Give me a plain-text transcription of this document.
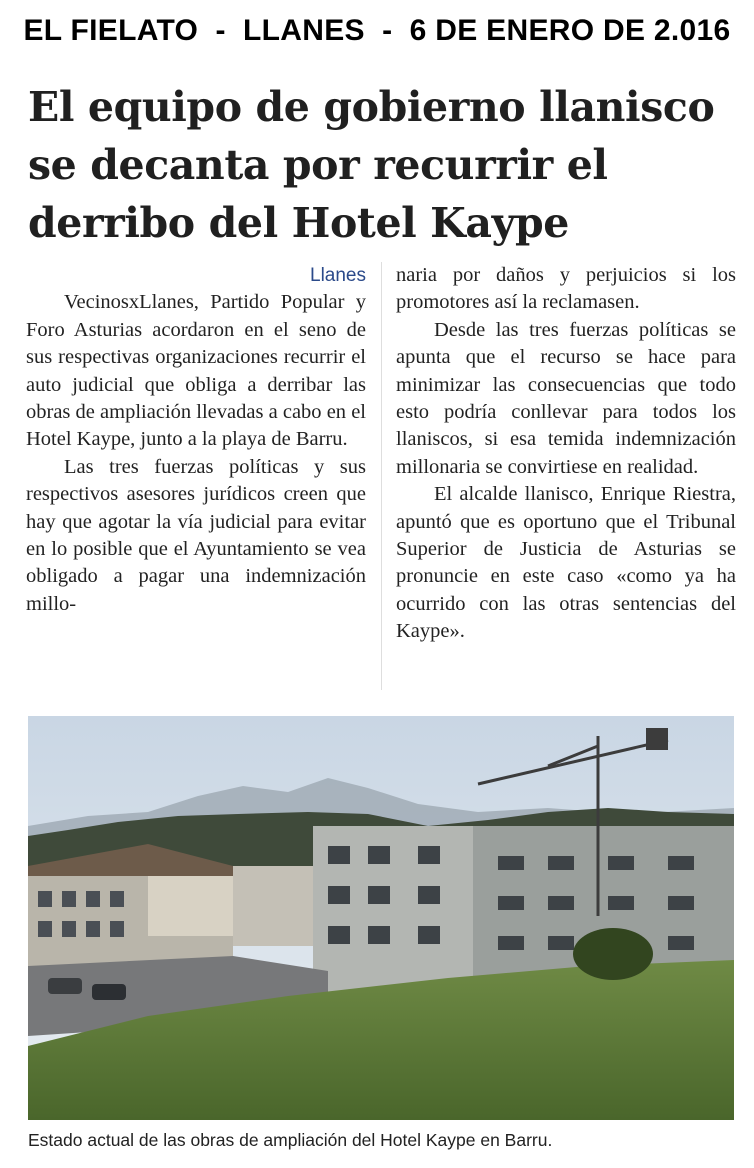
EL FIELATO  -  LLANES  -  6 DE ENERO DE 2.016
El equipo de gobierno llanisco
se decanta por recurrir el
derribo del Hotel Kaype
Llanes

VecinosxLlanes, Partido Popular y Foro Asturias acordaron en el seno de sus respectivas organizaciones recurrir el auto judicial que obliga a derribar las obras de ampliación llevadas a cabo en el Hotel Kaype, junto a la playa de Barru.

Las tres fuerzas políticas y sus respectivos asesores jurídicos creen que hay que agotar la vía judicial para evitar en lo posible que el Ayuntamiento se vea obligado a pagar una indemnización millo-

naria por daños y perjuicios si los promotores así la reclamasen.

Desde las tres fuerzas políticas se apunta que el recurso se hace para minimizar las consecuencias que todo esto podría conllevar para todos los llaniscos, si esa temida indemnización millonaria se convirtiese en realidad.

El alcalde llanisco, Enrique Riestra, apuntó que es oportuno que el Tribunal Superior de Justicia de Asturias se pronuncie en este caso «como ya ha ocurrido con las otras sentencias del Kaype».

Estado actual de las obras de ampliación del Hotel Kaype en Barru.
